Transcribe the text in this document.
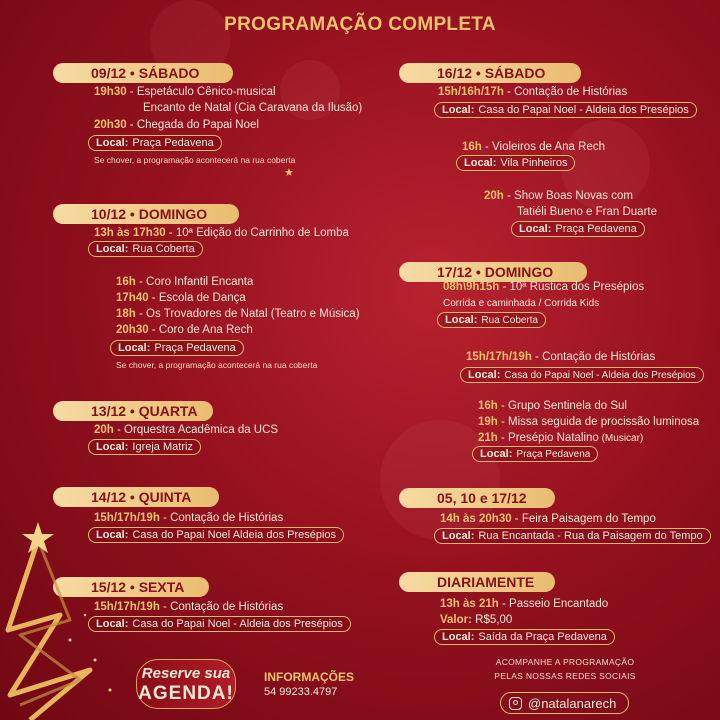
PROGRAMAÇÃO COMPLETA
09/12 • SÁBADO
19h30 - Espetáculo Cênico-musical
Encanto de Natal (Cia Caravana da Ilusão)
20h30 - Chegada do Papai Noel
Local: Praça Pedavena
Se chover, a programação acontecerá na rua coberta
★
10/12 • DOMINGO
13h às 17h30 - 10ª Edição do Carrinho de Lomba
Local: Rua Coberta
16h - Coro Infantil Encanta
17h40 - Escola de Dança
18h - Os Trovadores de Natal (Teatro e Música)
20h30 - Coro de Ana Rech
Local: Praça Pedavena
Se chover, a programação acontecerá na rua coberta
13/12 • QUARTA
20h - Orquestra Acadêmica da UCS
Local: Igreja Matriz
14/12 • QUINTA
15h/17h/19h - Contação de Histórias
Local: Casa do Papai Noel Aldeia dos Presépios
15/12 • SEXTA
15h/17h/19h - Contação de Histórias
Local: Casa do Papai Noel - Aldeia dos Presépios
16/12 • SÁBADO
15h/16h/17h - Contação de Histórias
Local: Casa do Papai Noel - Aldeia dos Presépios
16h - Violeiros de Ana Rech
Local: Vila Pinheiros
20h - Show Boas Novas com
Tatiéli Bueno e Fran Duarte
Local: Praça Pedavena
17/12 • DOMINGO
08h\9h15h - 10ª Rústica dos Presépios
Corrida e caminhada / Corrida Kids
Local: Rua Coberta
15h/17h/19h - Contação de Histórias
Local: Casa do Papai Noel - Aldeia dos Presépios
16h - Grupo Sentinela do Sul
19h - Missa seguida de procissão luminosa
21h - Presépio Natalino (Musicar)
Local: Praça Pedavena
05, 10 e 17/12
14h às 20h30 - Feira Paisagem do Tempo
Local: Rua Encantada - Rua da Paisagem do Tempo
DIARIAMENTE
13h às 21h - Passeio Encantado
Valor: R$5,00
Local: Saída da Praça Pedavena
Reserve sua
AGENDA!
INFORMAÇÕES
54 99233.4797
ACOMPANHE A PROGRAMAÇÃO
PELAS NOSSAS REDES SOCIAIS
@natalanarech
